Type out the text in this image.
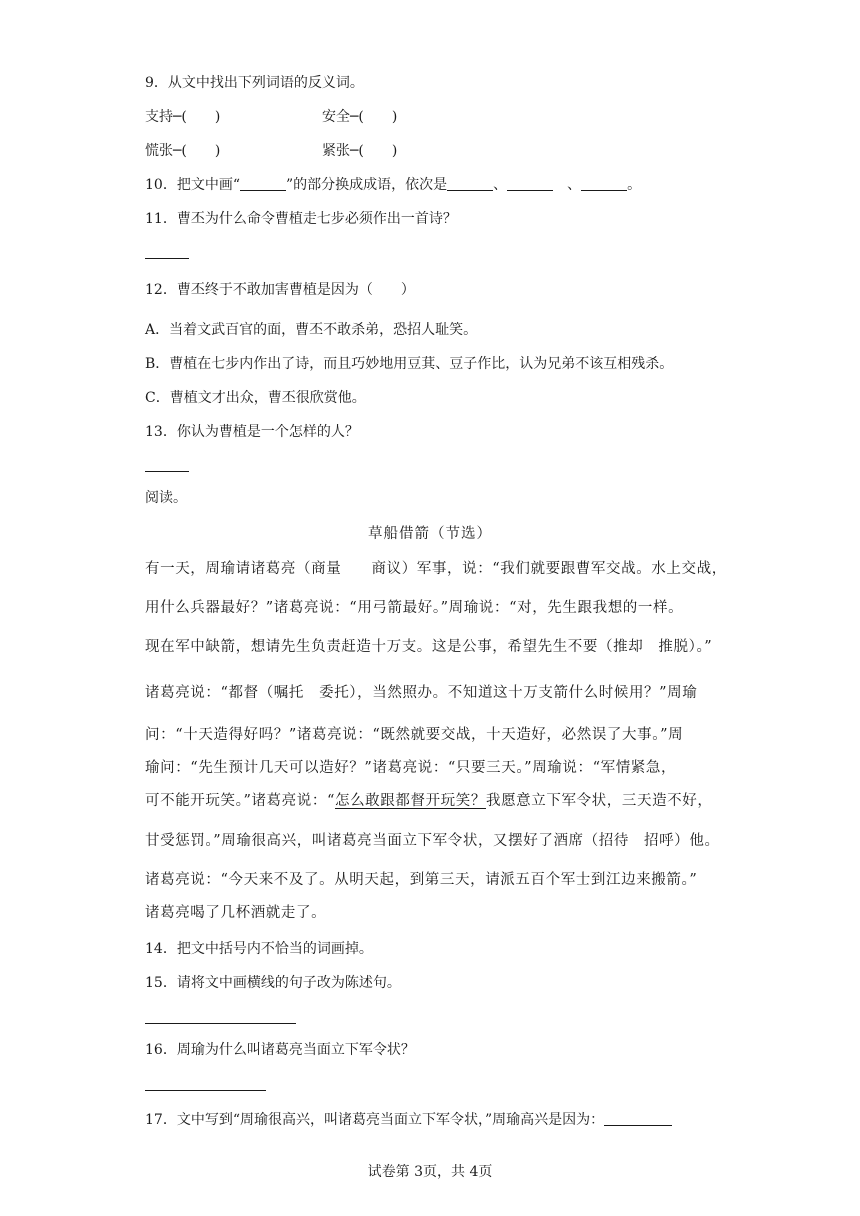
9．从文中找出下列词语的反义词。
支持─(　　)	安全─(　　)
慌张─(　　)	紧张─(　　)
10．把文中画“	”的部分换成成语，依次是	、	　、	。
11．曹丕为什么命令曹植走七步必须作出一首诗？
12．曹丕终于不敢加害曹植是因为（　　）
A．当着文武百官的面，曹丕不敢杀弟，恐招人耻笑。
B．曹植在七步内作出了诗，而且巧妙地用豆萁、豆子作比，认为兄弟不该互相残杀。
C．曹植文才出众，曹丕很欣赏他。
13．你认为曹植是一个怎样的人？
阅读。
草船借箭（节选）
有一天，周瑜请诸葛亮（商量　　商议）军事，说：“我们就要跟曹军交战。水上交战，
用什么兵器最好？”诸葛亮说：“用弓箭最好。”周瑜说：“对，先生跟我想的一样。
现在军中缺箭，想请先生负责赶造十万支。这是公事，希望先生不要（推却　推脱）。”
诸葛亮说：“都督（嘱托　委托），当然照办。不知道这十万支箭什么时候用？”周瑜
问：“十天造得好吗？”诸葛亮说：“既然就要交战，十天造好，必然误了大事。”周
瑜问：“先生预计几天可以造好？”诸葛亮说：“只要三天。”周瑜说：“军情紧急，
可不能开玩笑。”诸葛亮说：“怎么敢跟都督开玩笑？我愿意立下军令状，三天造不好，
甘受惩罚。”周瑜很高兴，叫诸葛亮当面立下军令状，又摆好了酒席（招待　招呼）他。
诸葛亮说：“今天来不及了。从明天起，到第三天，请派五百个军士到江边来搬箭。”
诸葛亮喝了几杯酒就走了。
14．把文中括号内不恰当的词画掉。
15．请将文中画横线的句子改为陈述句。
16．周瑜为什么叫诸葛亮当面立下军令状？
17．文中写到“周瑜很高兴，叫诸葛亮当面立下军令状，”周瑜高兴是因为：
试卷第 3页，共 4页
